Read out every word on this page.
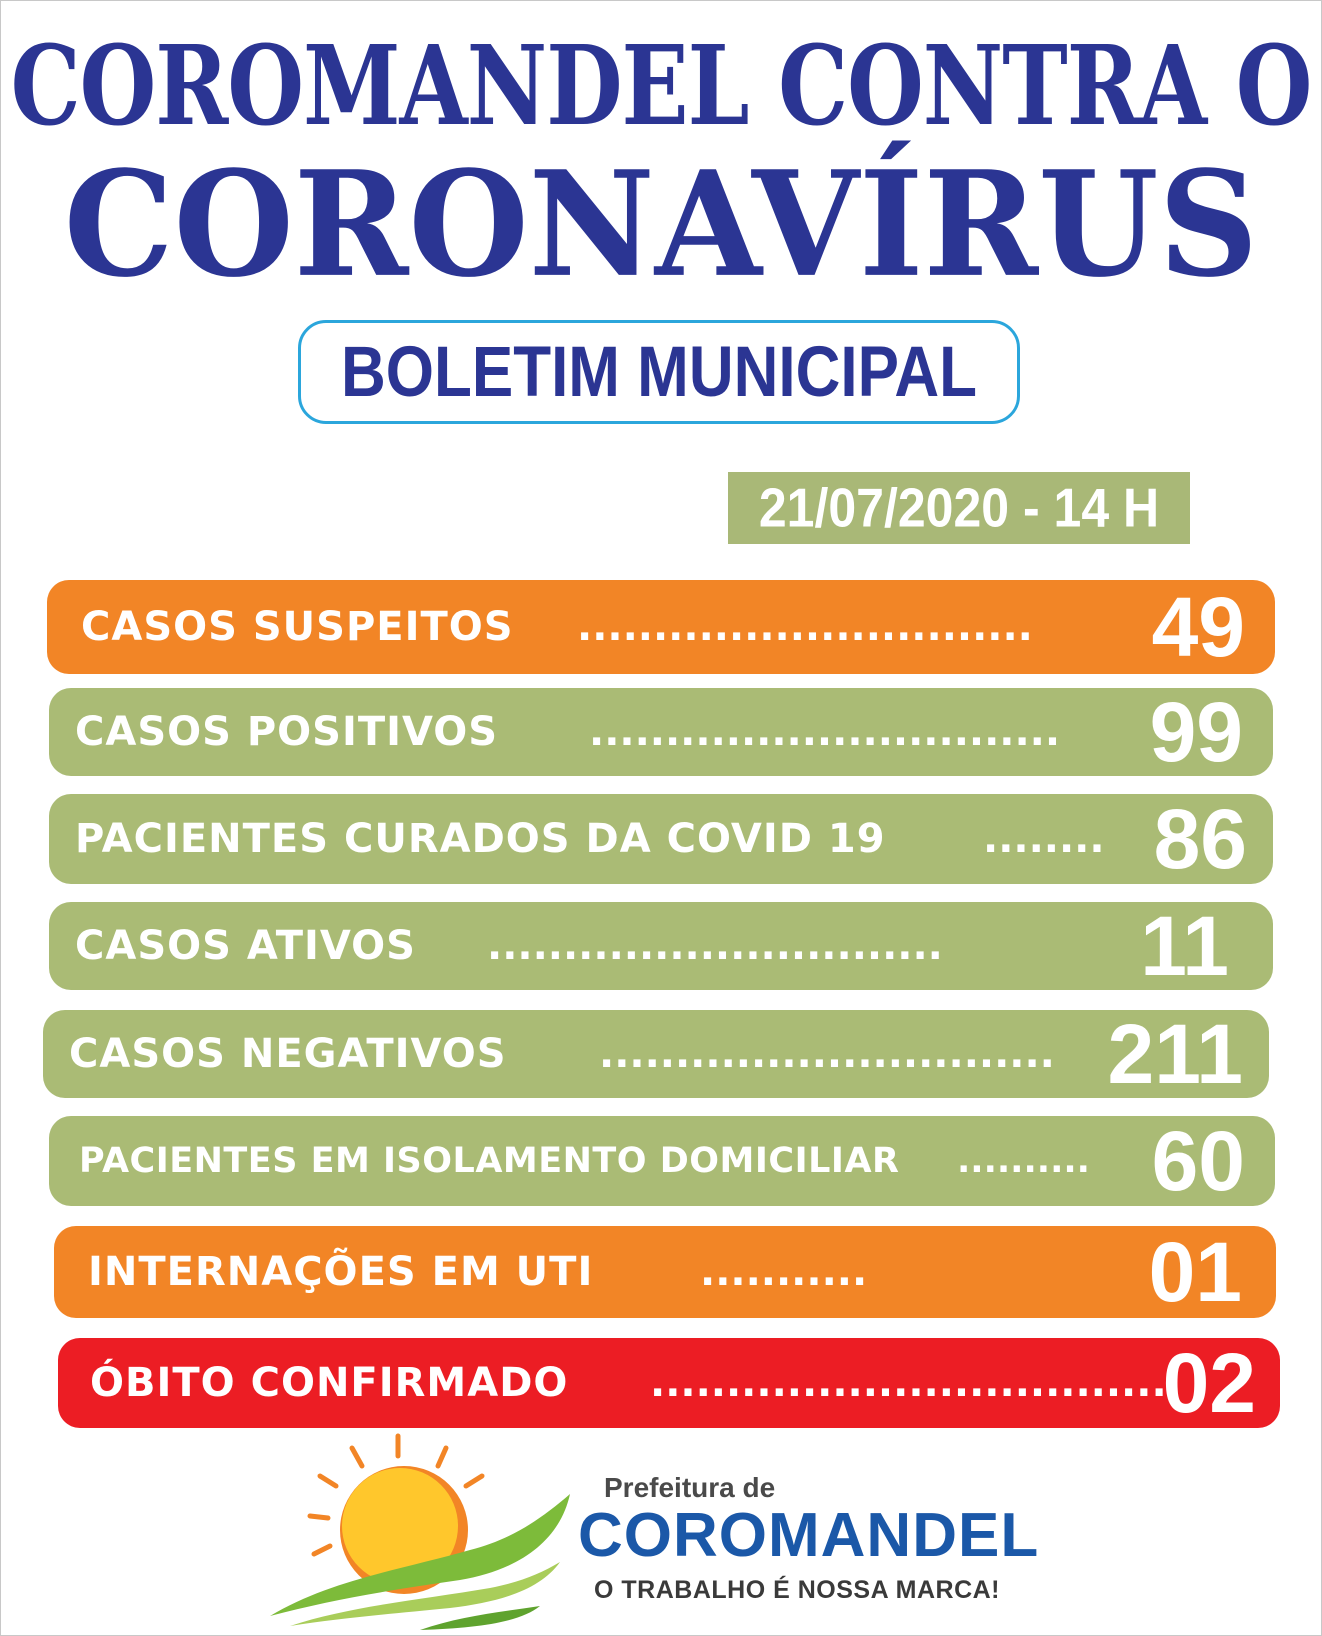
COROMANDEL CONTRA O
CORONAVÍRUS
BOLETIM MUNICIPAL
21/07/2020 - 14 H
CASOS SUSPEITOS .............................. 49
CASOS POSITIVOS ............................... 99
PACIENTES CURADOS DA COVID 19 ........ 86
CASOS ATIVOS .............................. 11
CASOS NEGATIVOS .............................. 211
PACIENTES EM ISOLAMENTO DOMICILIAR .......... 60
INTERNAÇÕES EM UTI	...........	01
ÓBITO CONFIRMADO ..................................
02
Prefeitura de
COROMANDEL
O TRABALHO É NOSSA MARCA!
